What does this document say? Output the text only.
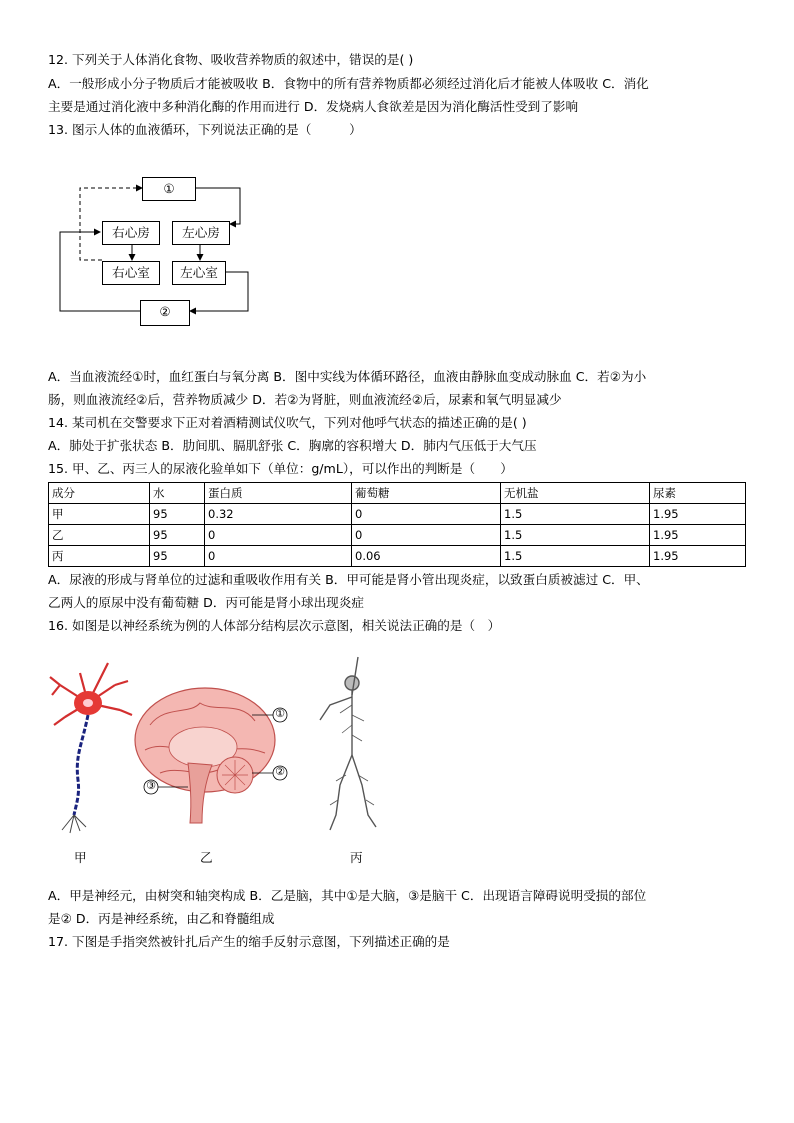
12. 下列关于人体消化食物、吸收营养物质的叙述中，错误的是( )
A．一般形成小分子物质后才能被吸收 B．食物中的所有营养物质都必须经过消化后才能被人体吸收 C．消化
主要是通过消化液中多种消化酶的作用而进行 D．发烧病人食欲差是因为消化酶活性受到了影响
13. 图示人体的血液循环，下列说法正确的是（　　　）
①
右心房	左心房
右心室	左心室
②
A．当血液流经①时，血红蛋白与氧分离 B．图中实线为体循环路径，血液由静脉血变成动脉血 C．若②为小
肠，则血液流经②后，营养物质减少 D．若②为肾脏，则血液流经②后，尿素和氧气明显减少
14. 某司机在交警要求下正对着酒精测试仪吹气，下列对他呼气状态的描述正确的是( )
A．肺处于扩张状态 B．肋间肌、膈肌舒张 C．胸廓的容积增大 D．肺内气压低于大气压
15. 甲、乙、丙三人的尿液化验单如下（单位：g/mL），可以作出的判断是（　　）
成分	水	蛋白质	葡萄糖	无机盐	尿素
甲	95	0.32	0	1.5	1.95
乙	95	0	0	1.5	1.95
丙	95	0	0.06	1.5	1.95
A．尿液的形成与肾单位的过滤和重吸收作用有关 B．甲可能是肾小管出现炎症，以致蛋白质被滤过 C．甲、
乙两人的原尿中没有葡萄糖 D．丙可能是肾小球出现炎症
16. 如图是以神经系统为例的人体部分结构层次示意图，相关说法正确的是（　）
①
②
③
甲	乙	丙
A．甲是神经元，由树突和轴突构成 B．乙是脑，其中①是大脑，③是脑干 C．出现语言障碍说明受损的部位
是② D．丙是神经系统，由乙和脊髓组成
17. 下图是手指突然被针扎后产生的缩手反射示意图，下列描述正确的是
